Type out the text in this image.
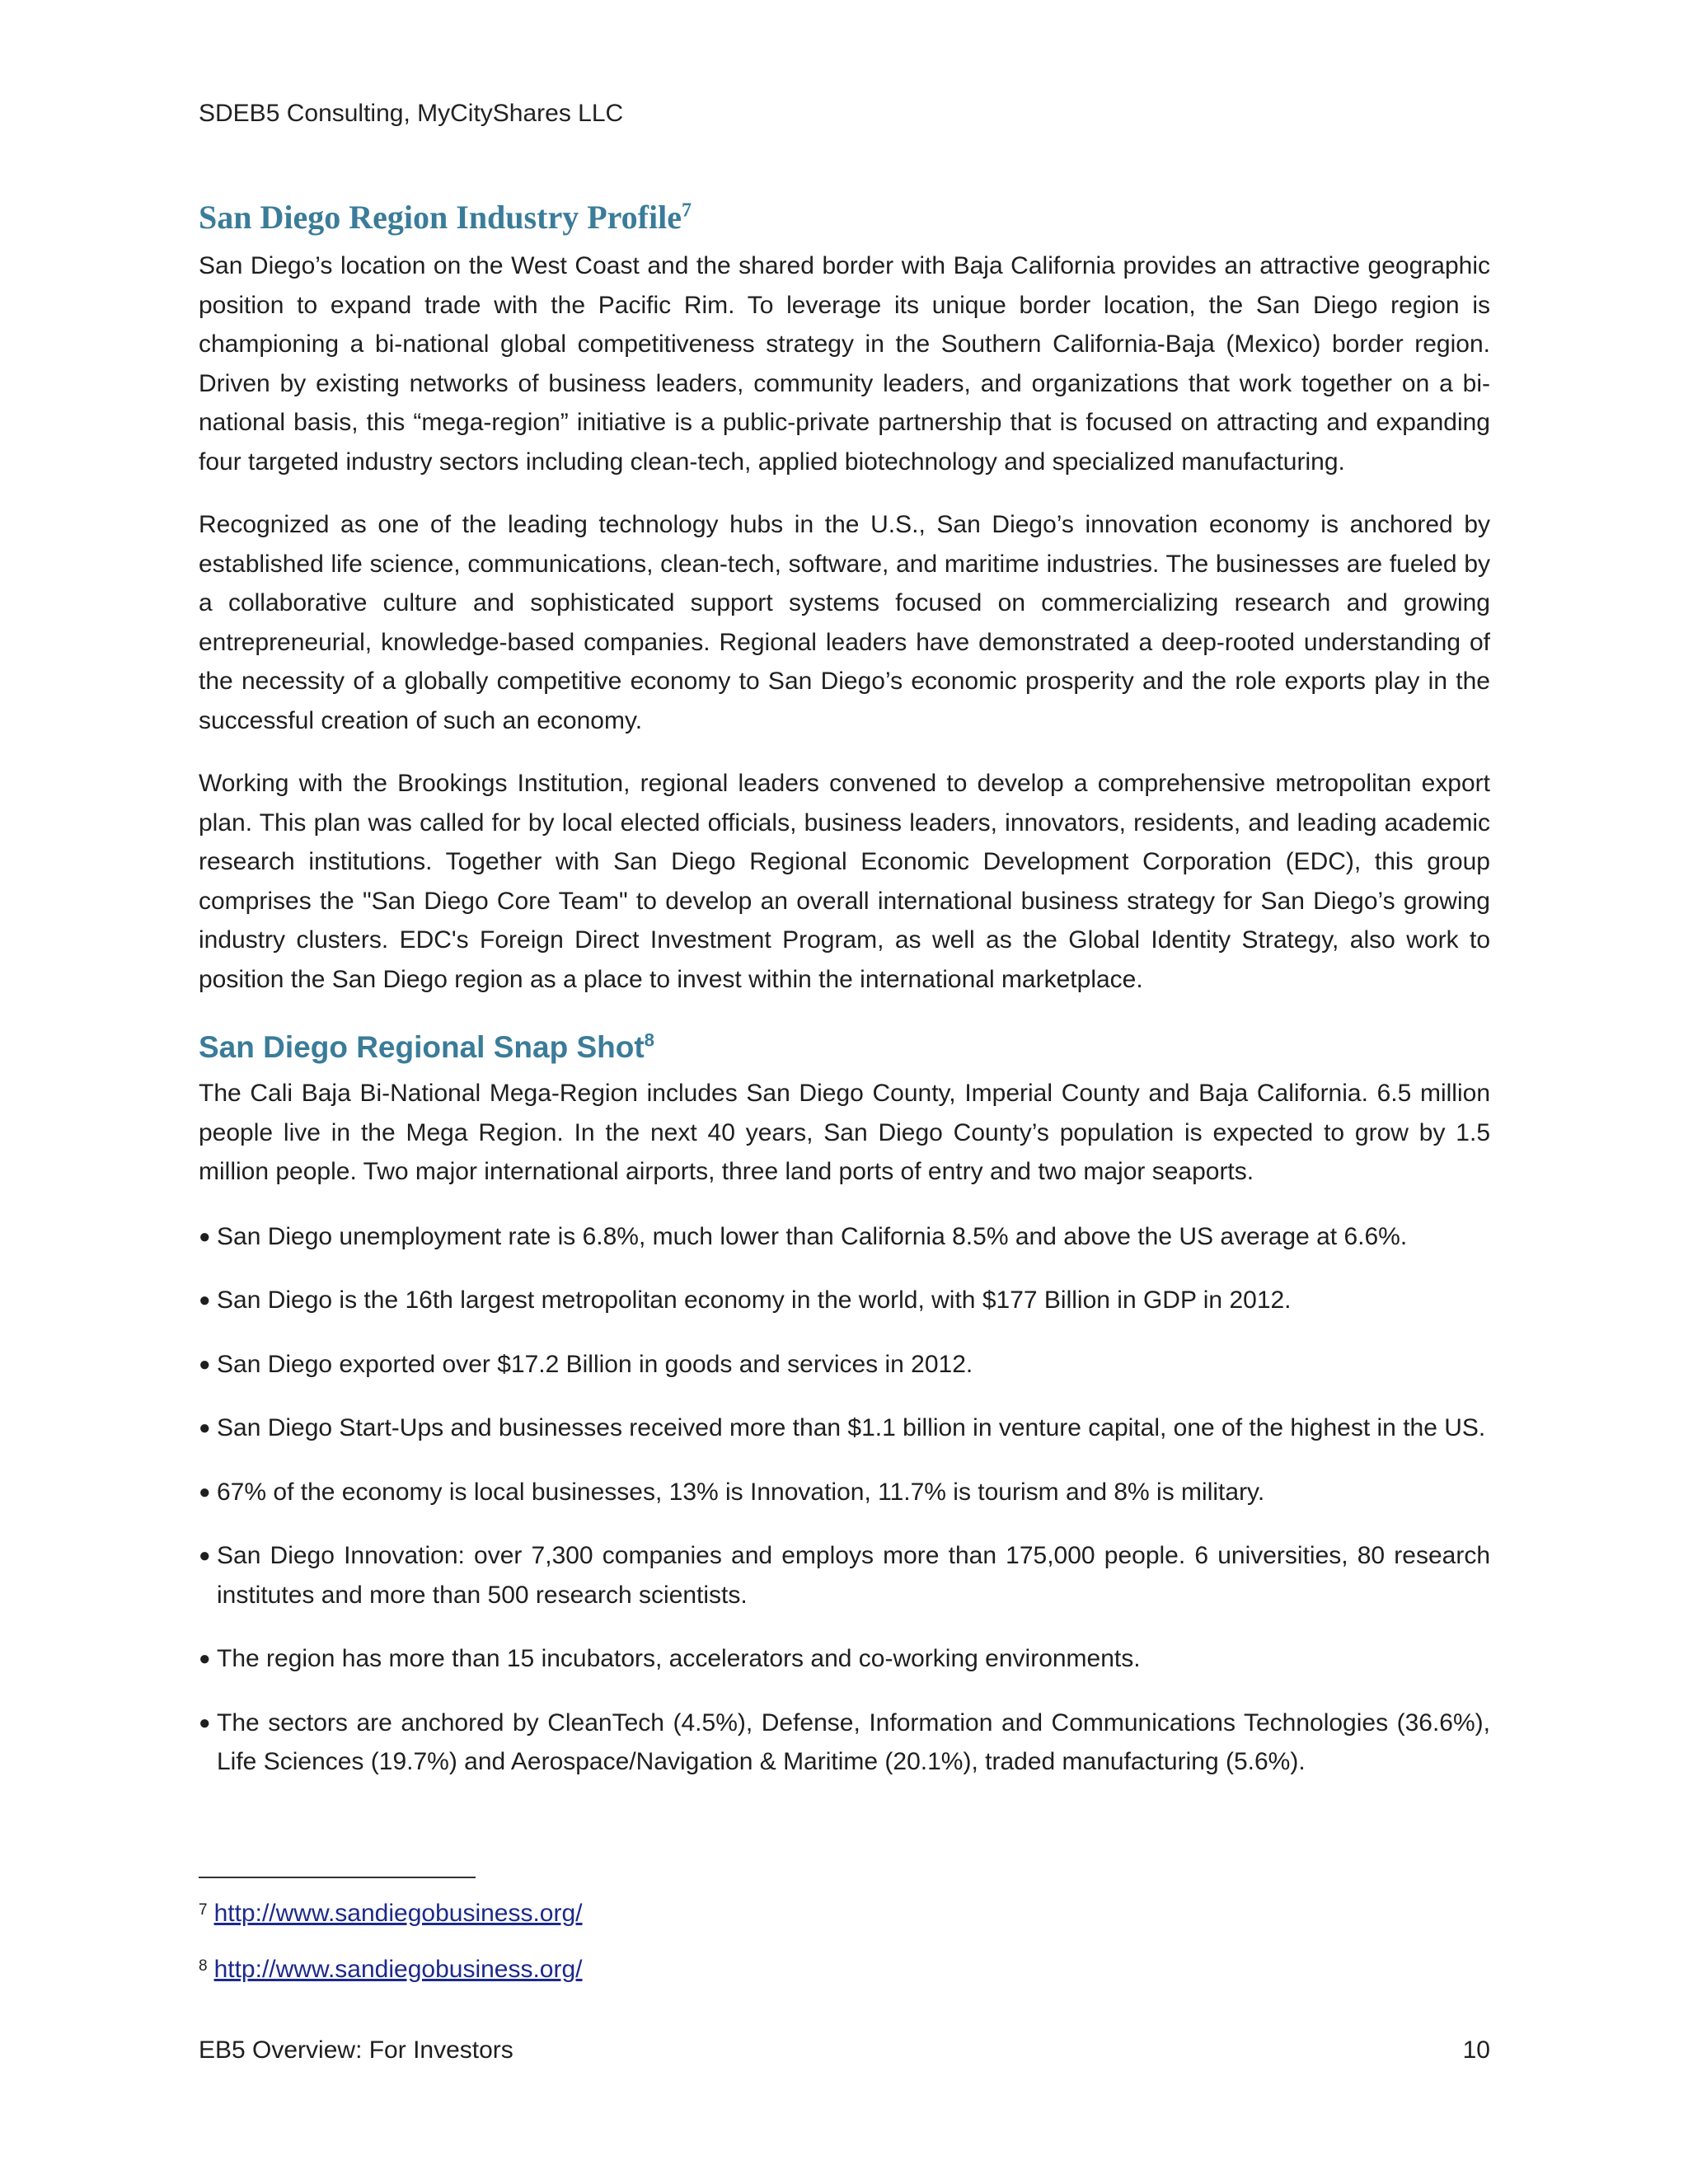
SDEB5 Consulting, MyCityShares LLC
San Diego Region Industry Profile$^7$

San Diego’s location on the West Coast and the shared border with Baja California provides an attractive geographic position to expand trade with the Pacific Rim. To leverage its unique border location, the San Diego region is championing a bi-national global competitiveness strategy in the Southern California-Baja (Mexico) border region. Driven by existing networks of business leaders, community leaders, and organizations that work together on a bi-national basis, this “mega-region” initiative is a public-private partnership that is focused on attracting and expanding four targeted industry sectors including clean-tech, applied biotechnology and specialized manufacturing.

Recognized as one of the leading technology hubs in the U.S., San Diego’s innovation economy is anchored by established life science, communications, clean-tech, software, and maritime industries. The businesses are fueled by a collaborative culture and sophisticated support systems focused on commercializing research and growing entrepreneurial, knowledge-based companies. Regional leaders have demonstrated a deep-rooted understanding of the necessity of a globally competitive economy to San Diego’s economic prosperity and the role exports play in the successful creation of such an economy.

Working with the Brookings Institution, regional leaders convened to develop a comprehensive metropolitan export plan. This plan was called for by local elected officials, business leaders, innovators, residents, and leading academic research institutions. Together with San Diego Regional Economic Development Corporation (EDC), this group comprises the "San Diego Core Team" to develop an overall international business strategy for San Diego’s growing industry clusters. EDC's Foreign Direct Investment Program, as well as the Global Identity Strategy, also work to position the San Diego region as a place to invest within the international marketplace.

San Diego Regional Snap Shot$^8$

The Cali Baja Bi-National Mega-Region includes San Diego County, Imperial County and Baja California. 6.5 million people live in the Mega Region. In the next 40 years, San Diego County’s population is expected to grow by 1.5 million people. Two major international airports, three land ports of entry and two major seaports.

● San Diego unemployment rate is 6.8%, much lower than California 8.5% and above the US average at 6.6%.
● San Diego is the 16th largest metropolitan economy in the world, with $177 Billion in GDP in 2012.
● San Diego exported over $17.2 Billion in goods and services in 2012.
● San Diego Start-Ups and businesses received more than $1.1 billion in venture capital, one of the highest in the US.
● 67% of the economy is local businesses, 13% is Innovation, 11.7% is tourism and 8% is military.
● San Diego Innovation: over 7,300 companies and employs more than 175,000 people. 6 universities, 80 research institutes and more than 500 research scientists.
● The region has more than 15 incubators, accelerators and co-working environments.
● The sectors are anchored by CleanTech (4.5%), Defense, Information and Communications Technologies (36.6%), Life Sciences (19.7%) and Aerospace/Navigation & Maritime (20.1%), traded manufacturing (5.6%).
$^7$ http://www.sandiegobusiness.org/
$^8$ http://www.sandiegobusiness.org/
EB5 Overview: For Investors	10
